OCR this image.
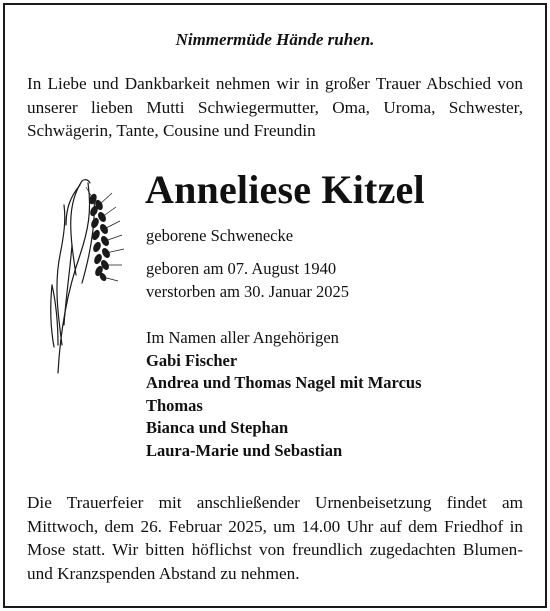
Nimmermüde Hände ruhen.
In Liebe und Dankbarkeit nehmen wir in großer Trauer Abschied von unserer lieben Mutti Schwiegermutter, Oma, Uroma, Schwester, Schwägerin, Tante, Cousine und Freundin
Anneliese Kitzel
geborene Schwenecke
geboren am 07. August 1940
verstorben am 30. Januar 2025
Im Namen aller Angehörigen
Gabi Fischer
Andrea und Thomas Nagel mit Marcus
Thomas
Bianca und Stephan
Laura-Marie und Sebastian
Die Trauerfeier mit anschließender Urnenbeisetzung findet am Mittwoch, dem 26. Februar 2025, um 14.00 Uhr auf dem Friedhof in Mose statt. Wir bitten höflichst von freundlich zugedachten Blumen- und Kranzspenden Abstand zu nehmen.
